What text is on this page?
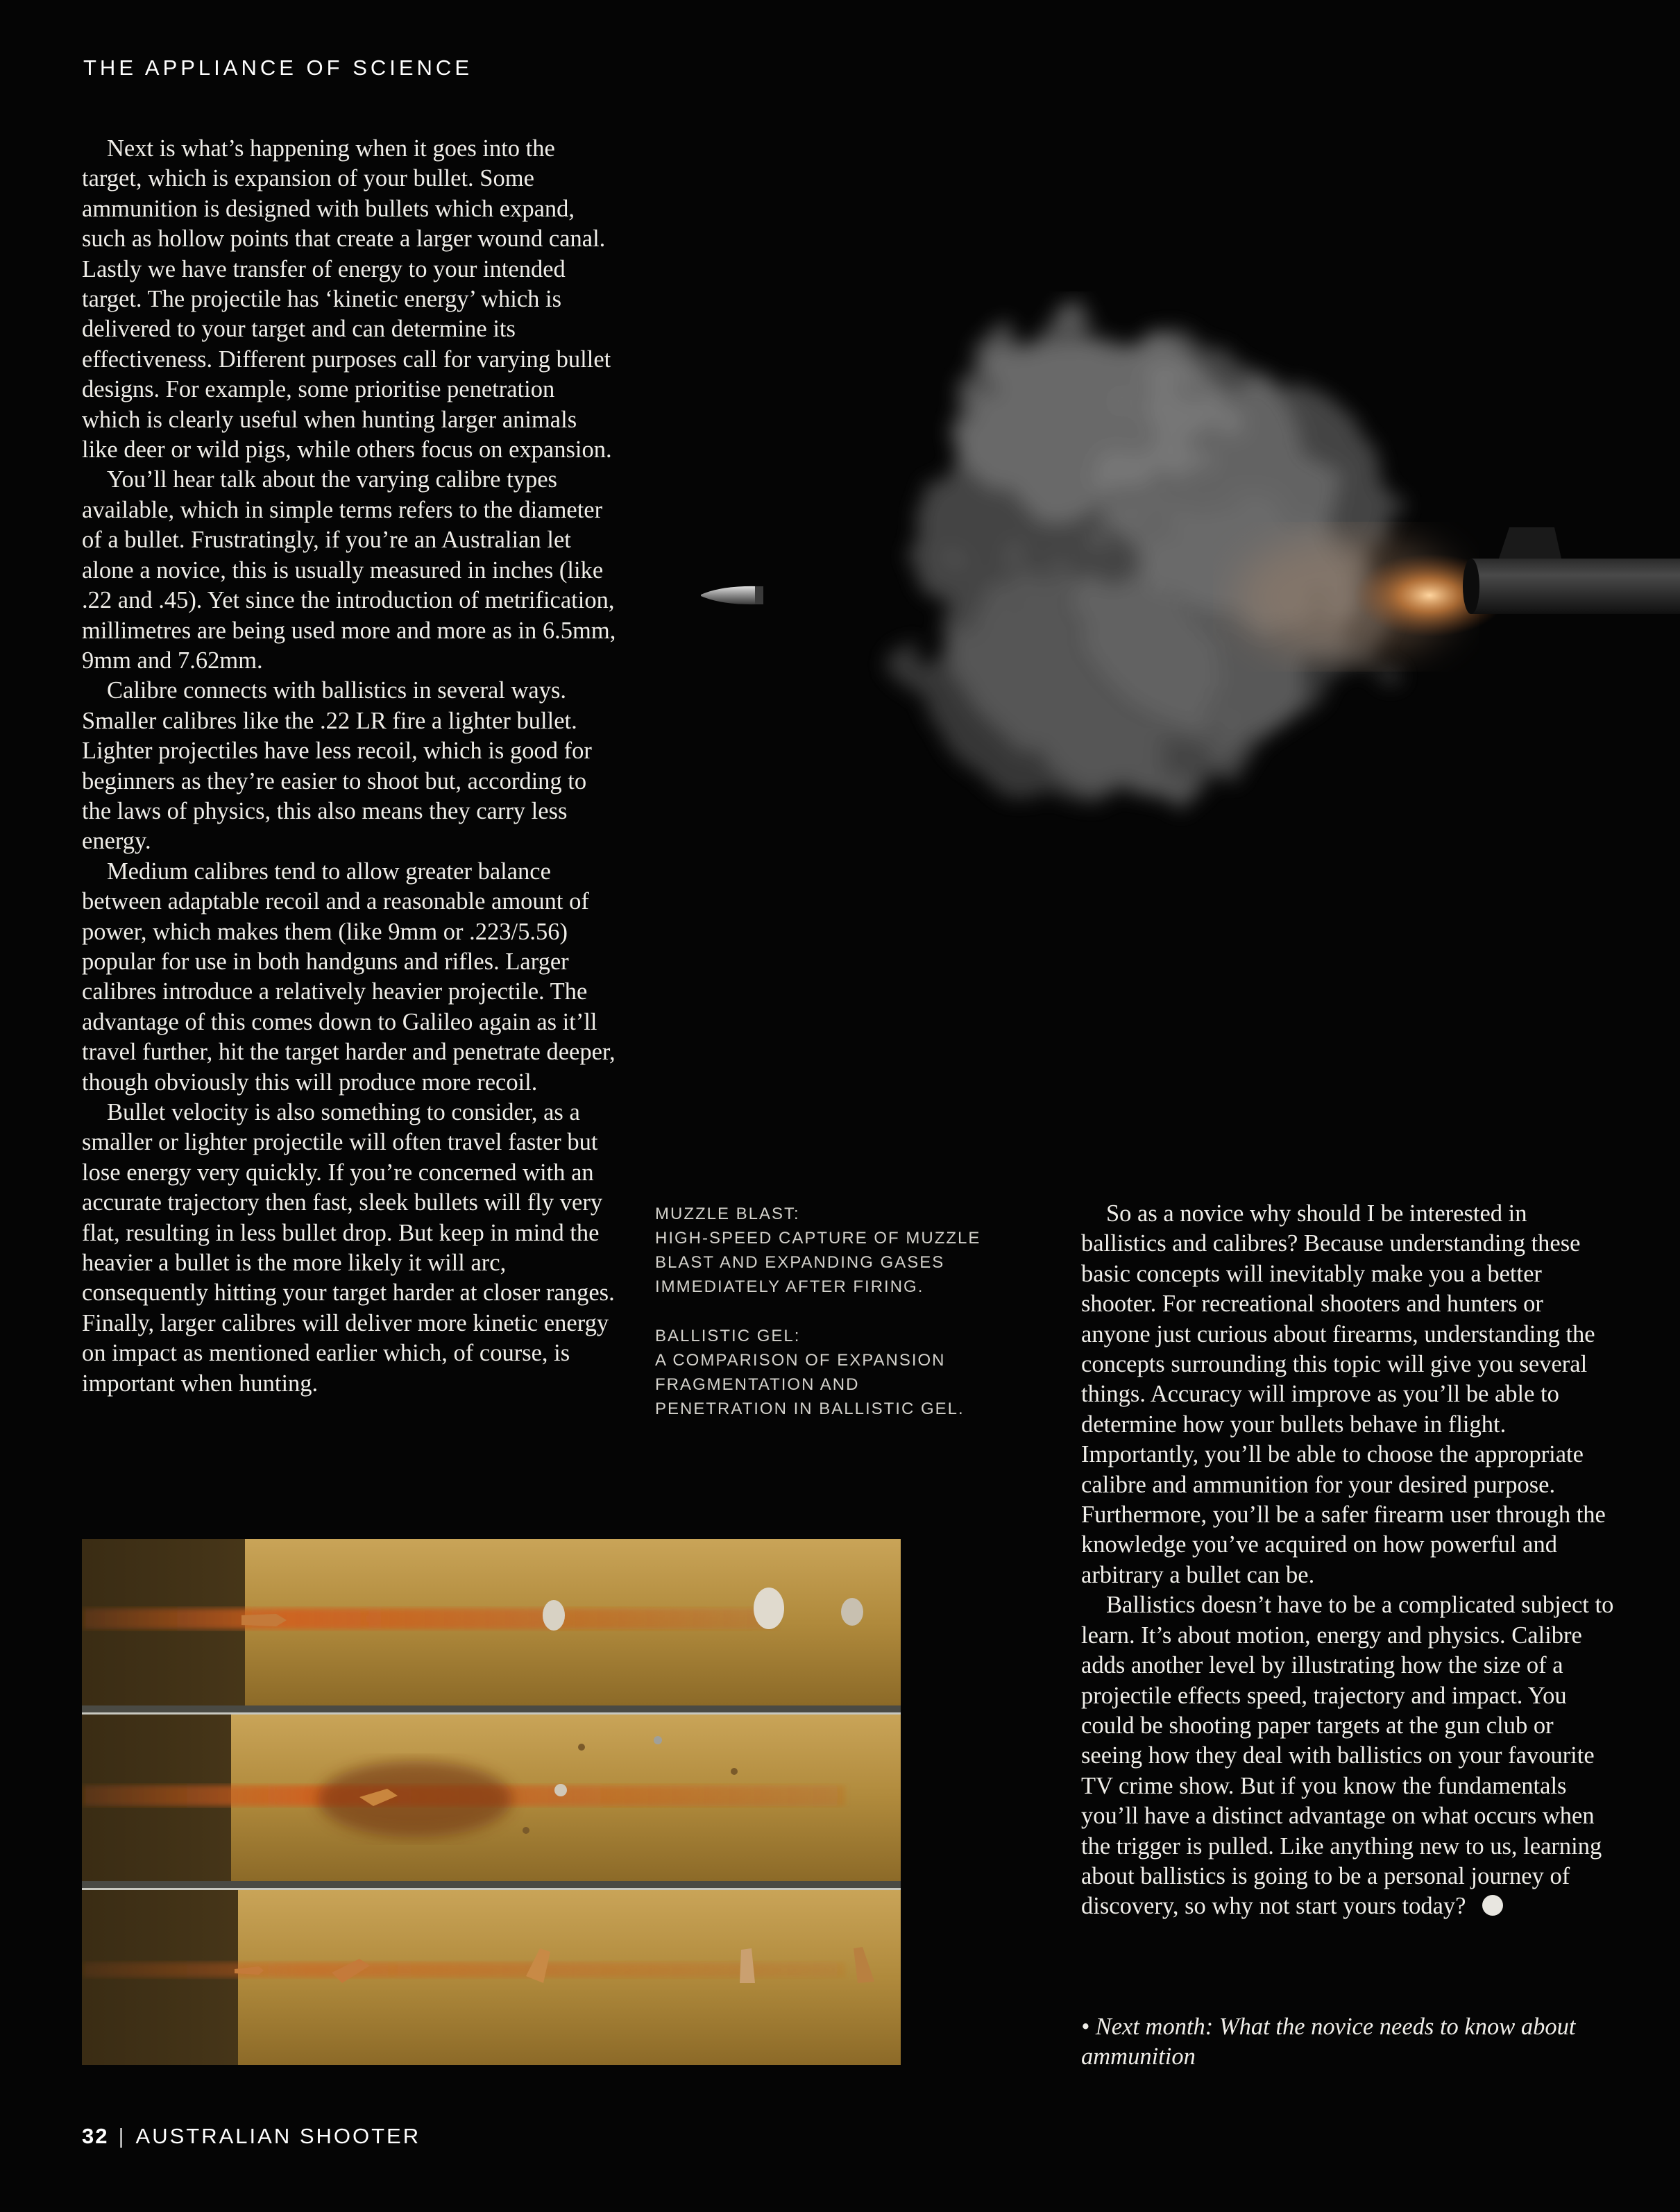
THE APPLIANCE OF SCIENCE

Next is what’s happening when it goes into the target, which is expansion of your bullet. Some ammunition is designed with bullets which expand, such as hollow points that create a larger wound canal. Lastly we have transfer of energy to your intended target. The projectile has ‘kinetic energy’ which is delivered to your target and can determine its effectiveness. Different purposes call for varying bullet designs. For example, some prioritise penetration which is clearly useful when hunting larger animals like deer or wild pigs, while others focus on expansion.

You’ll hear talk about the varying calibre types available, which in simple terms refers to the diameter of a bullet. Frustratingly, if you’re an Australian let alone a novice, this is usually measured in inches (like .22 and .45). Yet since the introduction of metrification, millimetres are being used more and more as in 6.5mm, 9mm and 7.62mm.

Calibre connects with ballistics in several ways. Smaller calibres like the .22 LR fire a lighter bullet. Lighter projectiles have less recoil, which is good for beginners as they’re easier to shoot but, according to the laws of physics, this also means they carry less energy.

Medium calibres tend to allow greater balance between adaptable recoil and a reasonable amount of power, which makes them (like 9mm or .223/5.56) popular for use in both handguns and rifles. Larger calibres introduce a relatively heavier projectile. The advantage of this comes down to Galileo again as it’ll travel further, hit the target harder and penetrate deeper, though obviously this will produce more recoil.

Bullet velocity is also something to consider, as a smaller or lighter projectile will often travel faster but lose energy very quickly. If you’re concerned with an accurate trajectory then fast, sleek bullets will fly very flat, resulting in less bullet drop. But keep in mind the heavier a bullet is the more likely it will arc, consequently hitting your target harder at closer ranges. Finally, larger calibres will deliver more kinetic energy on impact as mentioned earlier which, of course, is important when hunting.

MUZZLE BLAST:
HIGH-SPEED CAPTURE OF MUZZLE
BLAST AND EXPANDING GASES
IMMEDIATELY AFTER FIRING.
BALLISTIC GEL:
A COMPARISON OF EXPANSION
FRAGMENTATION AND
PENETRATION IN BALLISTIC GEL.

So as a novice why should I be interested in ballistics and calibres? Because understanding these basic concepts will inevitably make you a better shooter. For recreational shooters and hunters or anyone just curious about firearms, understanding the concepts surrounding this topic will give you several things. Accuracy will improve as you’ll be able to determine how your bullets behave in flight. Importantly, you’ll be able to choose the appropriate calibre and ammunition for your desired purpose. Furthermore, you’ll be a safer firearm user through the knowledge you’ve acquired on how powerful and arbitrary a bullet can be.

Ballistics doesn’t have to be a complicated subject to learn. It’s about motion, energy and physics. Calibre adds another level by illustrating how the size of a projectile effects speed, trajectory and impact. You could be shooting paper targets at the gun club or seeing how they deal with ballistics on your favourite TV crime show. But if you know the fundamentals you’ll have a distinct advantage on what occurs when the trigger is pulled. Like anything new to us, learning about ballistics is going to be a personal journey of discovery, so why not start yours today?

• Next month: What the novice needs to know about ammunition
32 | AUSTRALIAN SHOOTER
